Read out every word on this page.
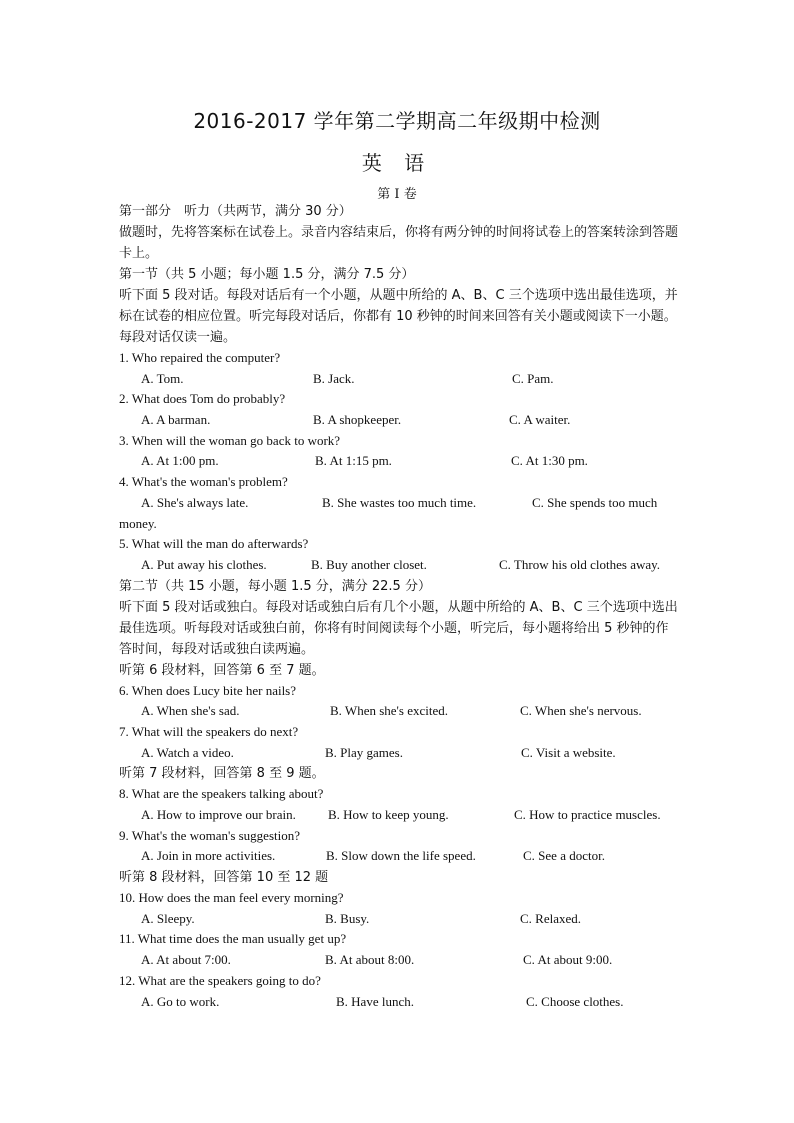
2016-2017 学年第二学期高二年级期中检测
英 语
第 I 卷
第一部分　听力（共两节，满分 30 分）
做题时，先将答案标在试卷上。录音内容结束后，你将有两分钟的时间将试卷上的答案转涂到答题卡上。
第一节（共 5 小题；每小题 1.5 分，满分 7.5 分）
听下面 5 段对话。每段对话后有一个小题，从题中所给的 A、B、C 三个选项中选出最佳选项，并标在试卷的相应位置。听完每段对话后，你都有 10 秒钟的时间来回答有关小题或阅读下一小题。每段对话仅读一遍。
1. Who repaired the computer?
A. Tom.	B. Jack.	C. Pam.
2. What does Tom do probably?
A. A barman.	B. A shopkeeper.	C. A waiter.
3. When will the woman go back to work?
A. At 1:00 pm.	B. At 1:15 pm.	C. At 1:30 pm.
4. What's the woman's problem?
A. She's always late.	B. She wastes too much time.	C. She spends too much
money.
5. What will the man do afterwards?
A. Put away his clothes.	B. Buy another closet.	C. Throw his old clothes away.
第二节（共 15 小题，每小题 1.5 分，满分 22.5 分）
听下面 5 段对话或独白。每段对话或独白后有几个小题，从题中所给的 A、B、C 三个选项中选出最佳选项。听每段对话或独白前，你将有时间阅读每个小题，听完后，每小题将给出 5 秒钟的作答时间，每段对话或独白读两遍。
听第 6 段材料，回答第 6 至 7 题。
6. When does Lucy bite her nails?
A. When she's sad.	B. When she's excited.	C. When she's nervous.
7. What will the speakers do next?
A. Watch a video.	B. Play games.	C. Visit a website.
听第 7 段材料，回答第 8 至 9 题。
8. What are the speakers talking about?
A. How to improve our brain. B. How to keep young.	C. How to practice muscles.
9. What's the woman's suggestion?
A. Join in more activities.	B. Slow down the life speed.	C. See a doctor.
听第 8 段材料，回答第 10 至 12 题
10. How does the man feel every morning?
A. Sleepy.	B. Busy.	C. Relaxed.
11. What time does the man usually get up?
A. At about 7:00.	B. At about 8:00.	C. At about 9:00.
12. What are the speakers going to do?
A. Go to work.	B. Have lunch.	C. Choose clothes.
